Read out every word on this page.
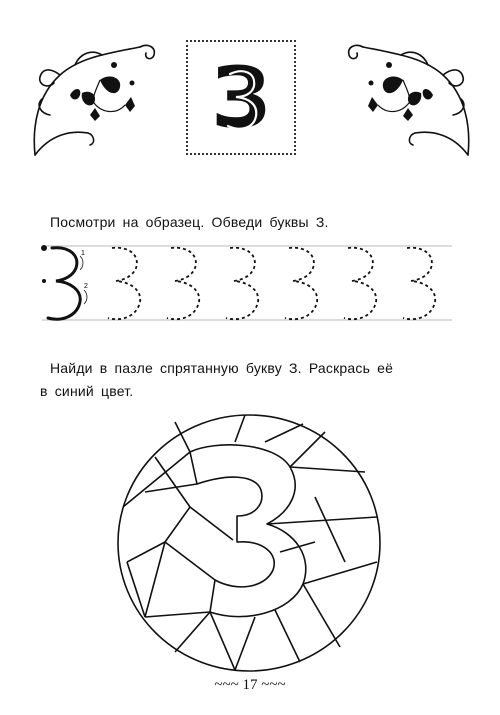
З
Посмотри на образец. Обведи буквы З.
1
2
Найди в пазле спрятанную букву З. Раскрась её
в синий цвет.
~~~ 17 ~~~
